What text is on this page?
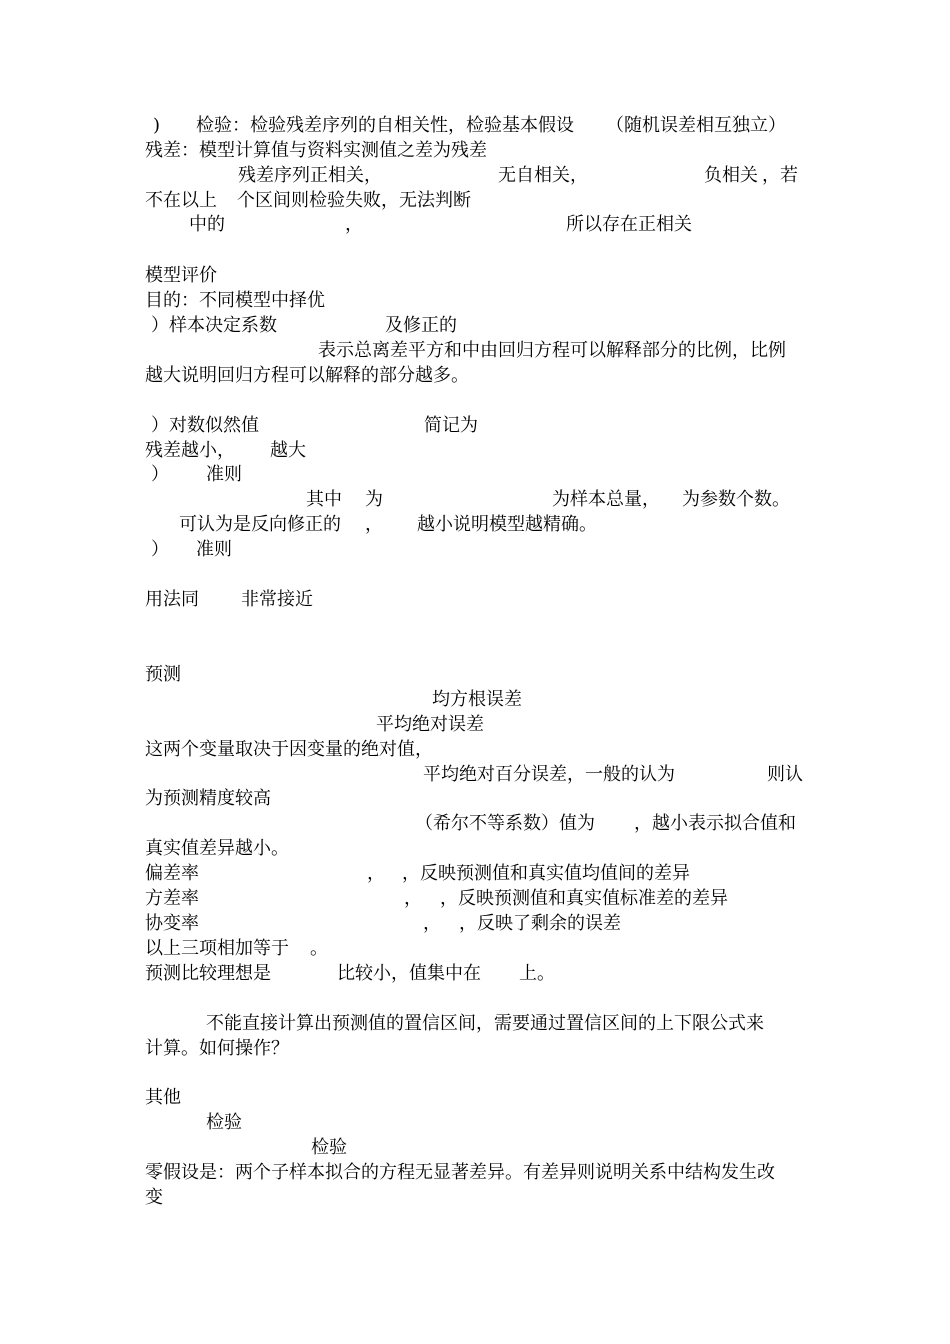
) 检验：检验残差序列的自相关性，检验基本假设 （随机误差相互独立）
残差：模型计算值与资料实测值之差为残差
残差序列正相关，	无自相关，	负相关 ，若
不在以上 个区间则检验失败，无法判断
中的	，	所以存在正相关
模型评价
目的：不同模型中择优
）样本决定系数	及修正的
表示总离差平方和中由回归方程可以解释部分的比例，比例
越大说明回归方程可以解释的部分越多。
）对数似然值	简记为
残差越小， 越大
） 准则
其中 为	为样本总量， 为参数个数。
可认为是反向修正的 ， 越小说明模型越精确。
） 准则
用法同 非常接近
预测
均方根误差
平均绝对误差
这两个变量取决于因变量的绝对值，
平均绝对百分误差，一般的认为	则认
为预测精度较高
（希尔不等系数）值为 ，越小表示拟合值和
真实值差异越小。
偏差率	， ，反映预测值和真实值均值间的差异
方差率	， ，反映预测值和真实值标准差的差异
协变率	， ，反映了剩余的误差
以上三项相加等于 。
预测比较理想是	比较小，值集中在 上。
不能直接计算出预测值的置信区间，需要通过置信区间的上下限公式来
计算。如何操作？
其他
检验
检验
零假设是：两个子样本拟合的方程无显著差异。有差异则说明关系中结构发生改
变
